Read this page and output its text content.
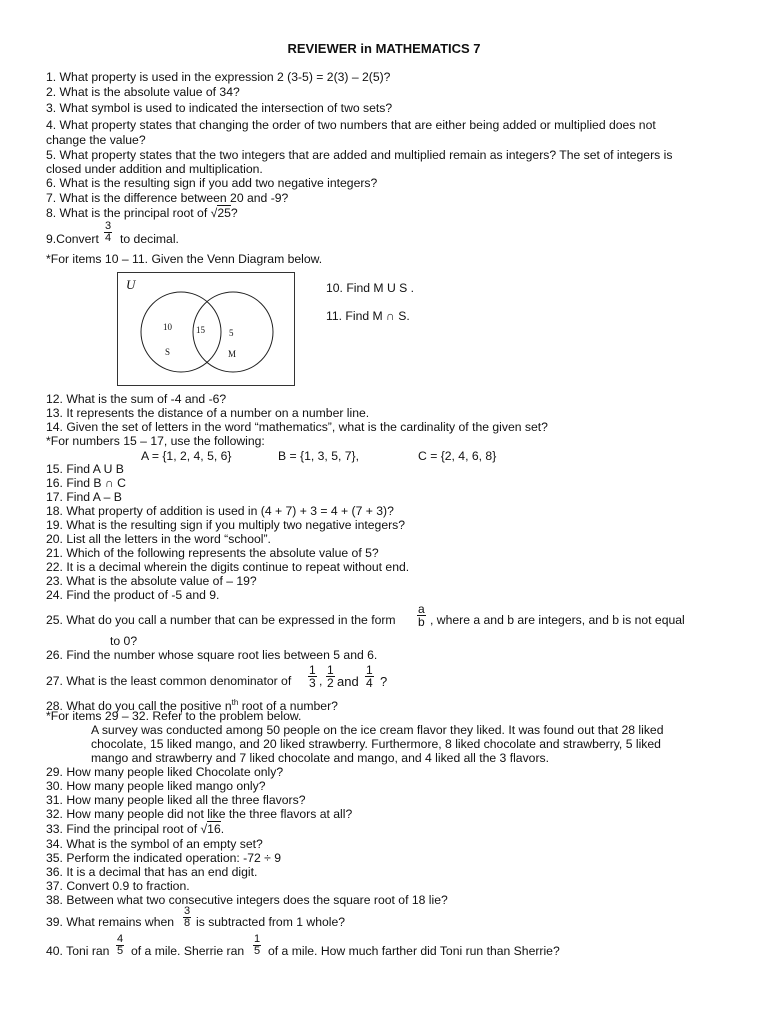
REVIEWER in MATHEMATICS 7
1. What property is used in the expression 2 (3-5) = 2(3) – 2(5)?
2. What is the absolute value of 34?
3. What symbol is used to indicated the intersection of two sets?
4. What property states that changing the order of two numbers that are either being added or multiplied does not
change the value?
5. What property states that the two integers that are added and multiplied remain as integers? The set of integers is
closed under addition and multiplication.
6. What is the resulting sign if you add two negative integers?
7. What is the difference between 20 and -9?
8. What is the principal root of √25?
9.Convert $\frac{3}{4}$ to decimal.
*For items 10 – 11. Given the Venn Diagram below.
U
10	15	5
S	M
10. Find M U S .
11. Find M ∩ S.
12. What is the sum of -4 and -6?
13. It represents the distance of a number on a number line.
14. Given the set of letters in the word “mathematics”, what is the cardinality of the given set?
*For numbers 15 – 17, use the following:
A = {1, 2, 4, 5, 6}	B = {1, 3, 5, 7},	C = {2, 4, 6, 8}
15. Find A U B
16. Find B ∩ C
17. Find A – B
18. What property of addition is used in (4 + 7) + 3 = 4 + (7 + 3)?
19. What is the resulting sign if you multiply two negative integers?
20. List all the letters in the word “school”.
21. Which of the following represents the absolute value of 5?
22. It is a decimal wherein the digits continue to repeat without end.
23. What is the absolute value of – 19?
24. Find the product of -5 and 9.
25. What do you call a number that can be expressed in the form $\frac{a}{b}$ , where a and b are integers, and b is not equal
to 0?
26. Find the number whose square root lies between 5 and 6.
27. What is the least common denominator of $\frac{1}{3}$ , $\frac{1}{2}$ and $\frac{1}{4}$ ?
28. What do you call the positive $n^{th}$ root of a number?
*For items 29 – 32. Refer to the problem below.
A survey was conducted among 50 people on the ice cream flavor they liked. It was found out that 28 liked
chocolate, 15 liked mango, and 20 liked strawberry. Furthermore, 8 liked chocolate and strawberry, 5 liked
mango and strawberry and 7 liked chocolate and mango, and 4 liked all the 3 flavors.
29. How many people liked Chocolate only?
30. How many people liked mango only?
31. How many people liked all the three flavors?
32. How many people did not like the three flavors at all?
33. Find the principal root of √16.
34. What is the symbol of an empty set?
35. Perform the indicated operation: -72 ÷ 9
36. It is a decimal that has an end digit.
37. Convert 0.9 to fraction.
38. Between what two consecutive integers does the square root of 18 lie?
39. What remains when $\frac{3}{8}$ is subtracted from 1 whole?
40. Toni ran $\frac{4}{5}$ of a mile. Sherrie ran $\frac{1}{5}$ of a mile. How much farther did Toni run than Sherrie?
